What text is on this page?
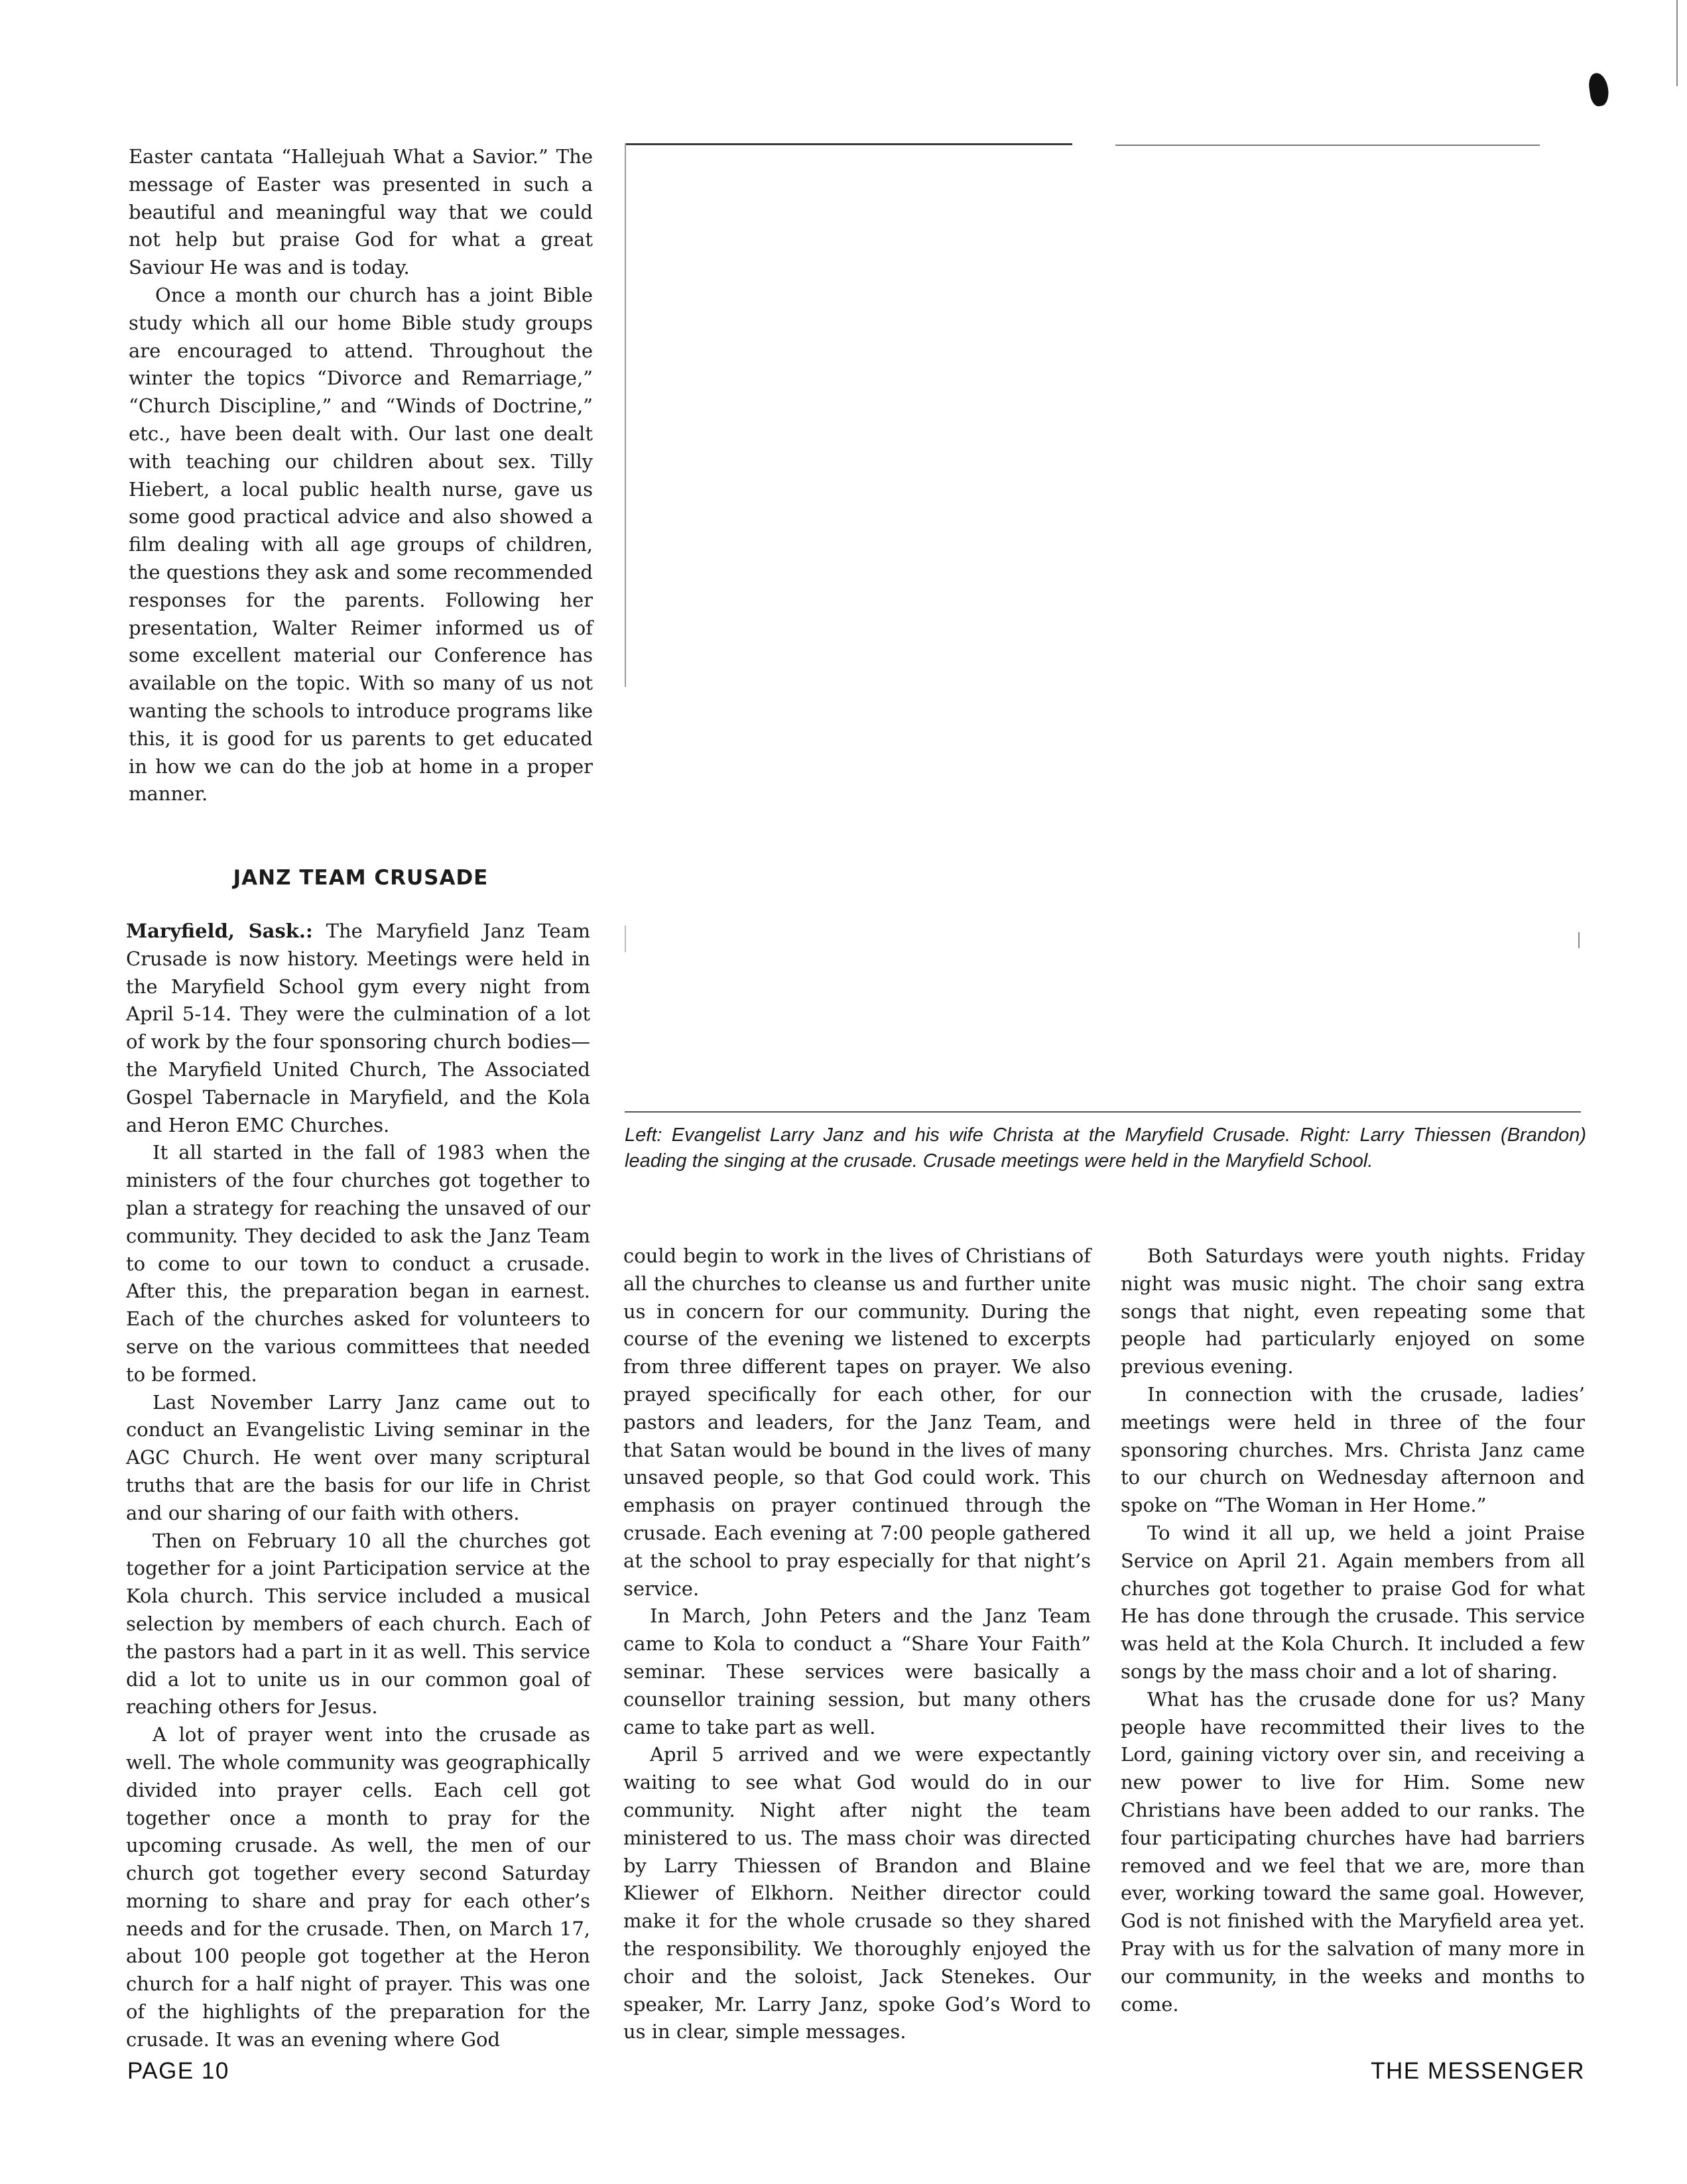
Easter cantata “Hallejuah What a Savior.” The message of Easter was presented in such a beautiful and meaningful way that we could not help but praise God for what a great Saviour He was and is today.

Once a month our church has a joint Bible study which all our home Bible study groups are encouraged to attend. Throughout the winter the topics “Divorce and Remarriage,” “Church Discipline,” and “Winds of Doctrine,” etc., have been dealt with. Our last one dealt with teaching our children about sex. Tilly Hiebert, a local public health nurse, gave us some good practical advice and also showed a film dealing with all age groups of children, the questions they ask and some recommended responses for the parents. Following her presentation, Walter Reimer informed us of some excellent material our Conference has available on the topic. With so many of us not wanting the schools to introduce programs like this, it is good for us parents to get educated in how we can do the job at home in a proper manner.

JANZ TEAM CRUSADE

Maryfield, Sask.: The Maryfield Janz Team Crusade is now history. Meetings were held in the Maryfield School gym every night from April 5-14. They were the culmination of a lot of work by the four sponsoring church bodies—the Maryfield United Church, The Associated Gospel Tabernacle in Maryfield, and the Kola and Heron EMC Churches.

It all started in the fall of 1983 when the ministers of the four churches got together to plan a strategy for reaching the unsaved of our community. They decided to ask the Janz Team to come to our town to conduct a crusade. After this, the preparation began in earnest. Each of the churches asked for volunteers to serve on the various committees that needed to be formed.

Last November Larry Janz came out to conduct an Evangelistic Living seminar in the AGC Church. He went over many scriptural truths that are the basis for our life in Christ and our sharing of our faith with others.

Then on February 10 all the churches got together for a joint Participation service at the Kola church. This service included a musical selection by members of each church. Each of the pastors had a part in it as well. This service did a lot to unite us in our common goal of reaching others for Jesus.

A lot of prayer went into the crusade as well. The whole community was geographically divided into prayer cells. Each cell got together once a month to pray for the upcoming crusade. As well, the men of our church got together every second Saturday morning to share and pray for each other’s needs and for the crusade. Then, on March 17, about 100 people got together at the Heron church for a half night of prayer. This was one of the highlights of the preparation for the crusade. It was an evening where God

Left: Evangelist Larry Janz and his wife Christa at the Maryfield Crusade. Right: Larry Thiessen (Brandon) leading the singing at the crusade. Crusade meetings were held in the Maryfield School.

could begin to work in the lives of Christians of all the churches to cleanse us and further unite us in concern for our community. During the course of the evening we listened to excerpts from three different tapes on prayer. We also prayed specifically for each other, for our pastors and leaders, for the Janz Team, and that Satan would be bound in the lives of many unsaved people, so that God could work. This emphasis on prayer continued through the crusade. Each evening at 7:00 people gathered at the school to pray especially for that night’s service.

In March, John Peters and the Janz Team came to Kola to conduct a “Share Your Faith” seminar. These services were basically a counsellor training session, but many others came to take part as well.

April 5 arrived and we were expectantly waiting to see what God would do in our community. Night after night the team ministered to us. The mass choir was directed by Larry Thiessen of Brandon and Blaine Kliewer of Elkhorn. Neither director could make it for the whole crusade so they shared the responsibility. We thoroughly enjoyed the choir and the soloist, Jack Stenekes. Our speaker, Mr. Larry Janz, spoke God’s Word to us in clear, simple messages.

Both Saturdays were youth nights. Friday night was music night. The choir sang extra songs that night, even repeating some that people had particularly enjoyed on some previous evening.

In connection with the crusade, ladies’ meetings were held in three of the four sponsoring churches. Mrs. Christa Janz came to our church on Wednesday afternoon and spoke on “The Woman in Her Home.”

To wind it all up, we held a joint Praise Service on April 21. Again members from all churches got together to praise God for what He has done through the crusade. This service was held at the Kola Church. It included a few songs by the mass choir and a lot of sharing.

What has the crusade done for us? Many people have recommitted their lives to the Lord, gaining victory over sin, and receiving a new power to live for Him. Some new Christians have been added to our ranks. The four participating churches have had barriers removed and we feel that we are, more than ever, working toward the same goal. However, God is not finished with the Maryfield area yet. Pray with us for the salvation of many more in our community, in the weeks and months to come.

PAGE 10	THE MESSENGER
